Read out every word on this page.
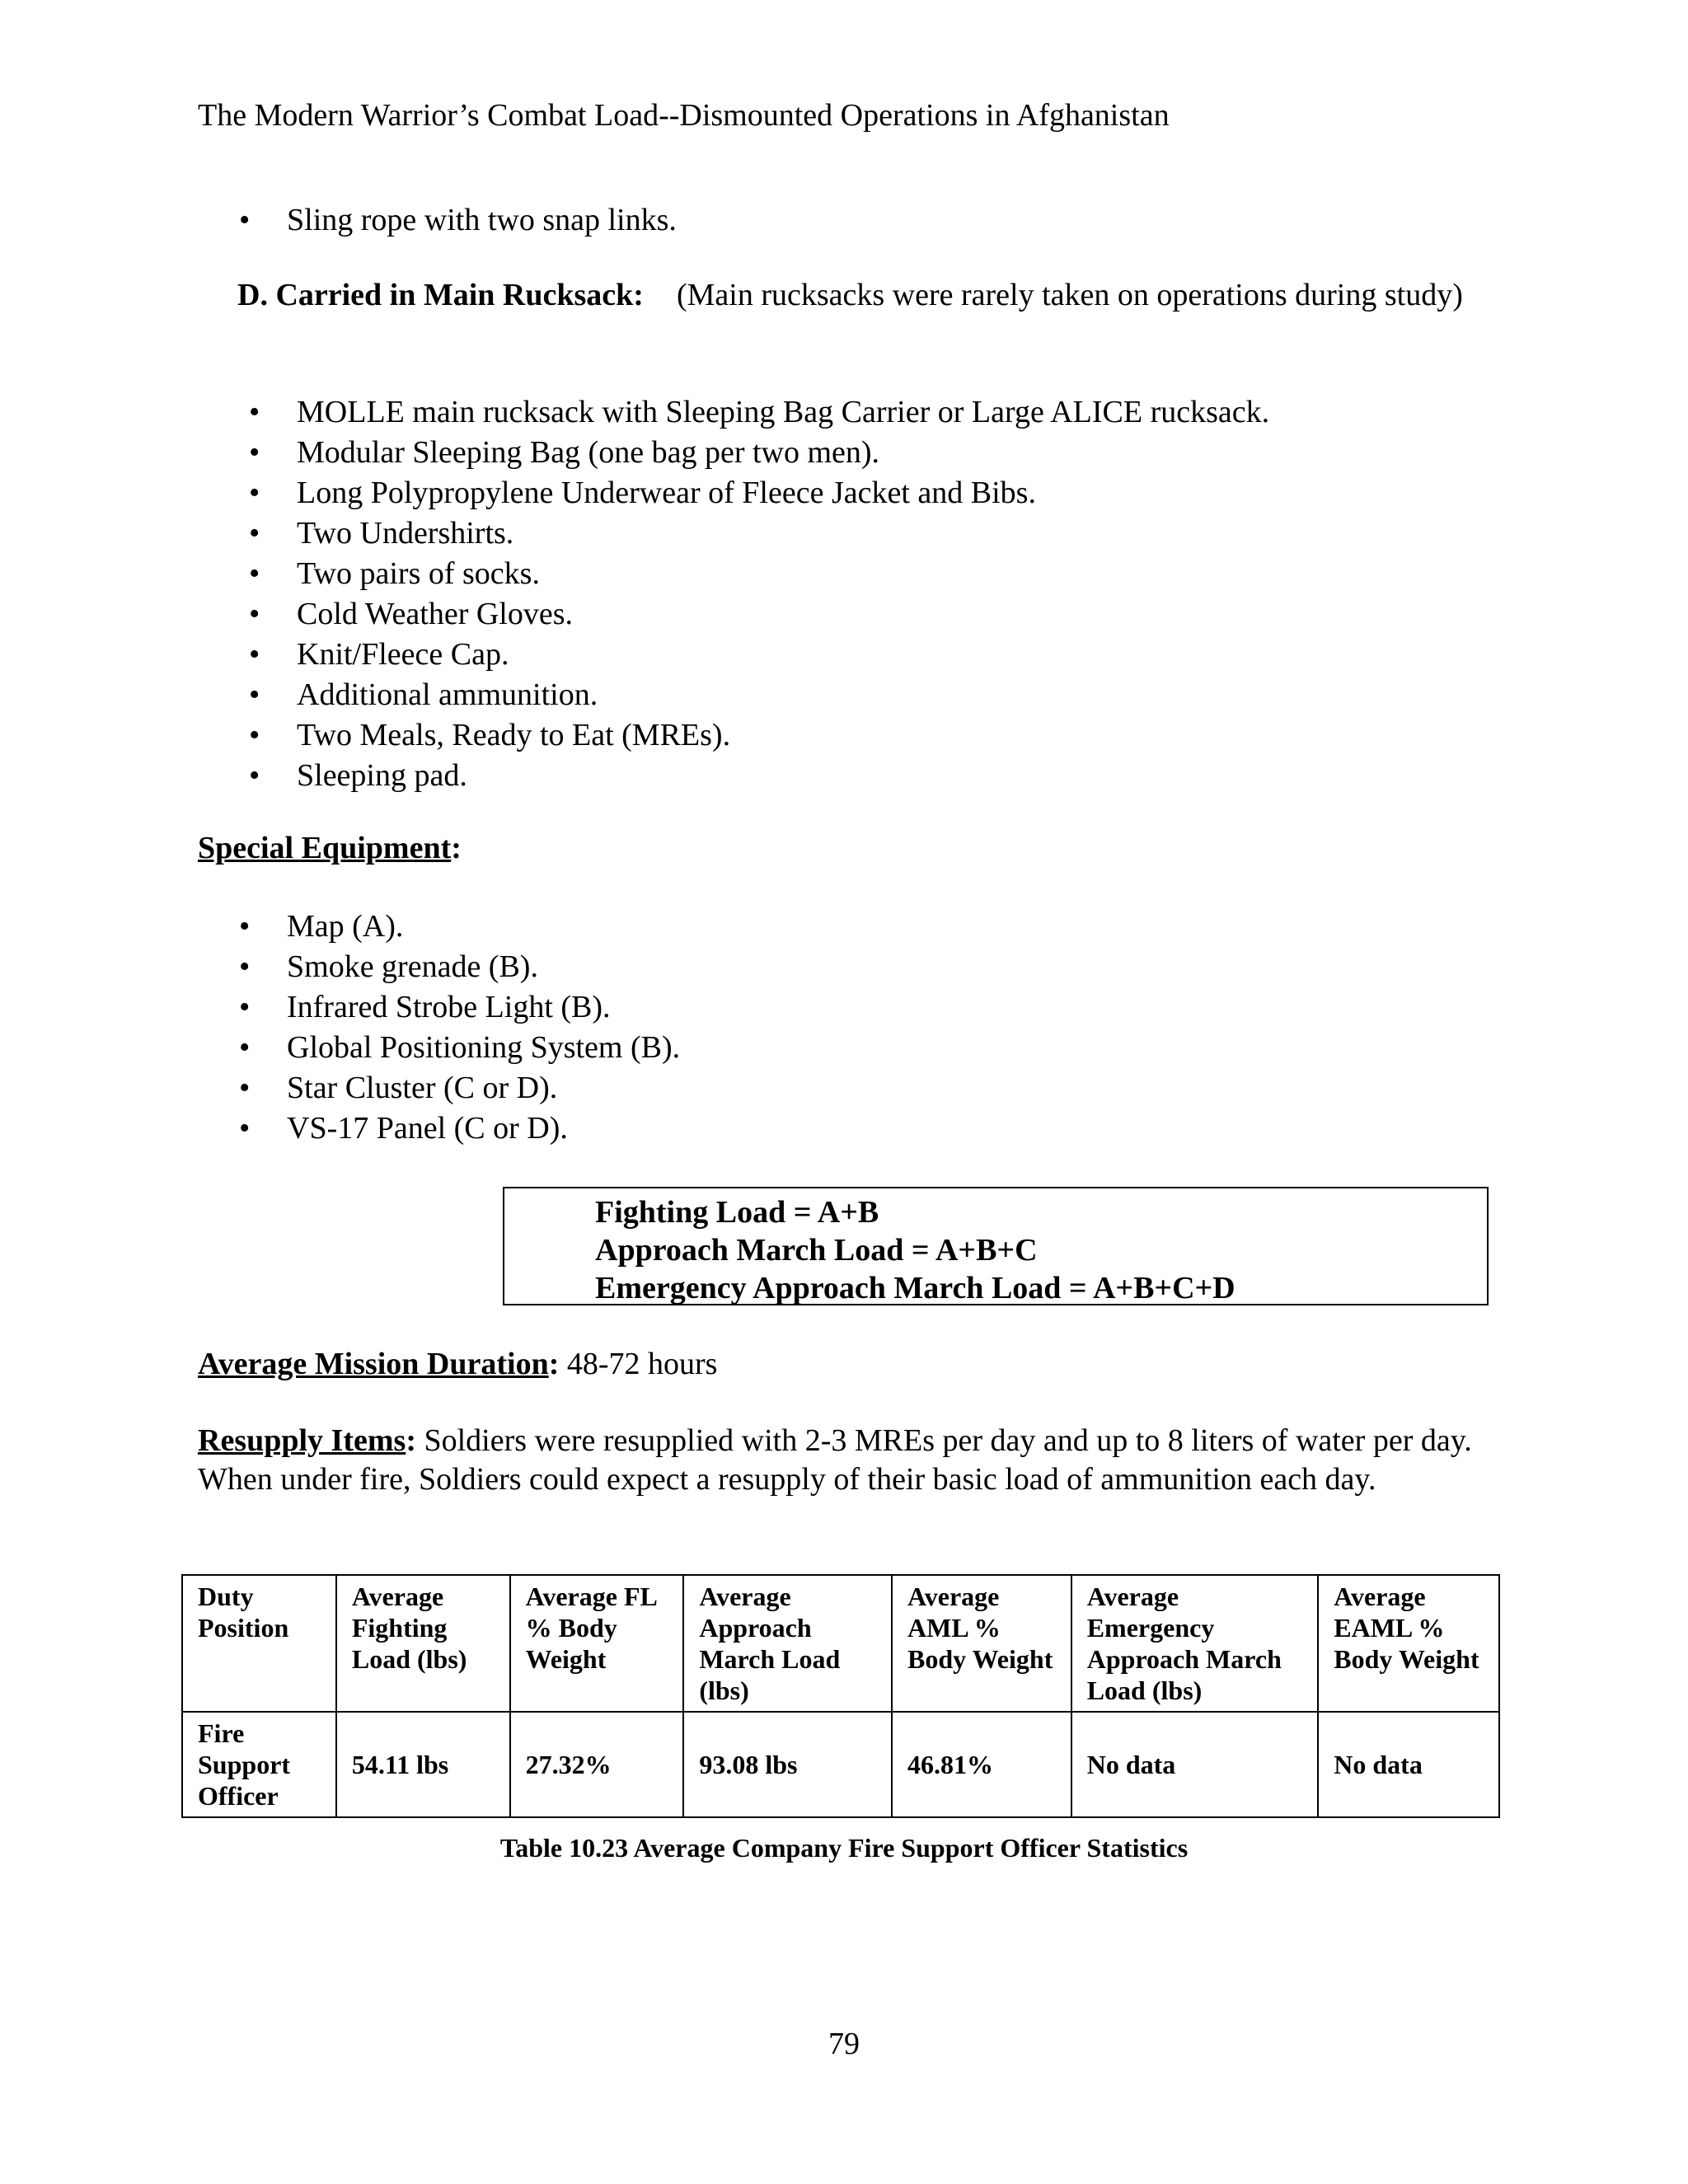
The Modern Warrior’s Combat Load--Dismounted Operations in Afghanistan
• Sling rope with two snap links.
D. Carried in Main Rucksack: (Main rucksacks were rarely taken on operations during study)
• MOLLE main rucksack with Sleeping Bag Carrier or Large ALICE rucksack.
• Modular Sleeping Bag (one bag per two men).
• Long Polypropylene Underwear of Fleece Jacket and Bibs.
• Two Undershirts.
• Two pairs of socks.
• Cold Weather Gloves.
• Knit/Fleece Cap.
• Additional ammunition.
• Two Meals, Ready to Eat (MREs).
• Sleeping pad.
Special Equipment:
• Map (A).
• Smoke grenade (B).
• Infrared Strobe Light (B).
• Global Positioning System (B).
• Star Cluster (C or D).
• VS-17 Panel (C or D).
Fighting Load = A+B
Approach March Load = A+B+C
Emergency Approach March Load = A+B+C+D
Average Mission Duration: 48-72 hours
Resupply Items: Soldiers were resupplied with 2-3 MREs per day and up to 8 liters of water per day. When under fire, Soldiers could expect a resupply of their basic load of ammunition each day.
Duty Position	Average Fighting Load (lbs)	Average FL % Body Weight	Average Approach March Load (lbs)	Average AML % Body Weight	Average Emergency Approach March Load (lbs)	Average EAML % Body Weight
Fire Support Officer	54.11 lbs	27.32%	93.08 lbs	46.81%	No data	No data
Table 10.23 Average Company Fire Support Officer Statistics
79
